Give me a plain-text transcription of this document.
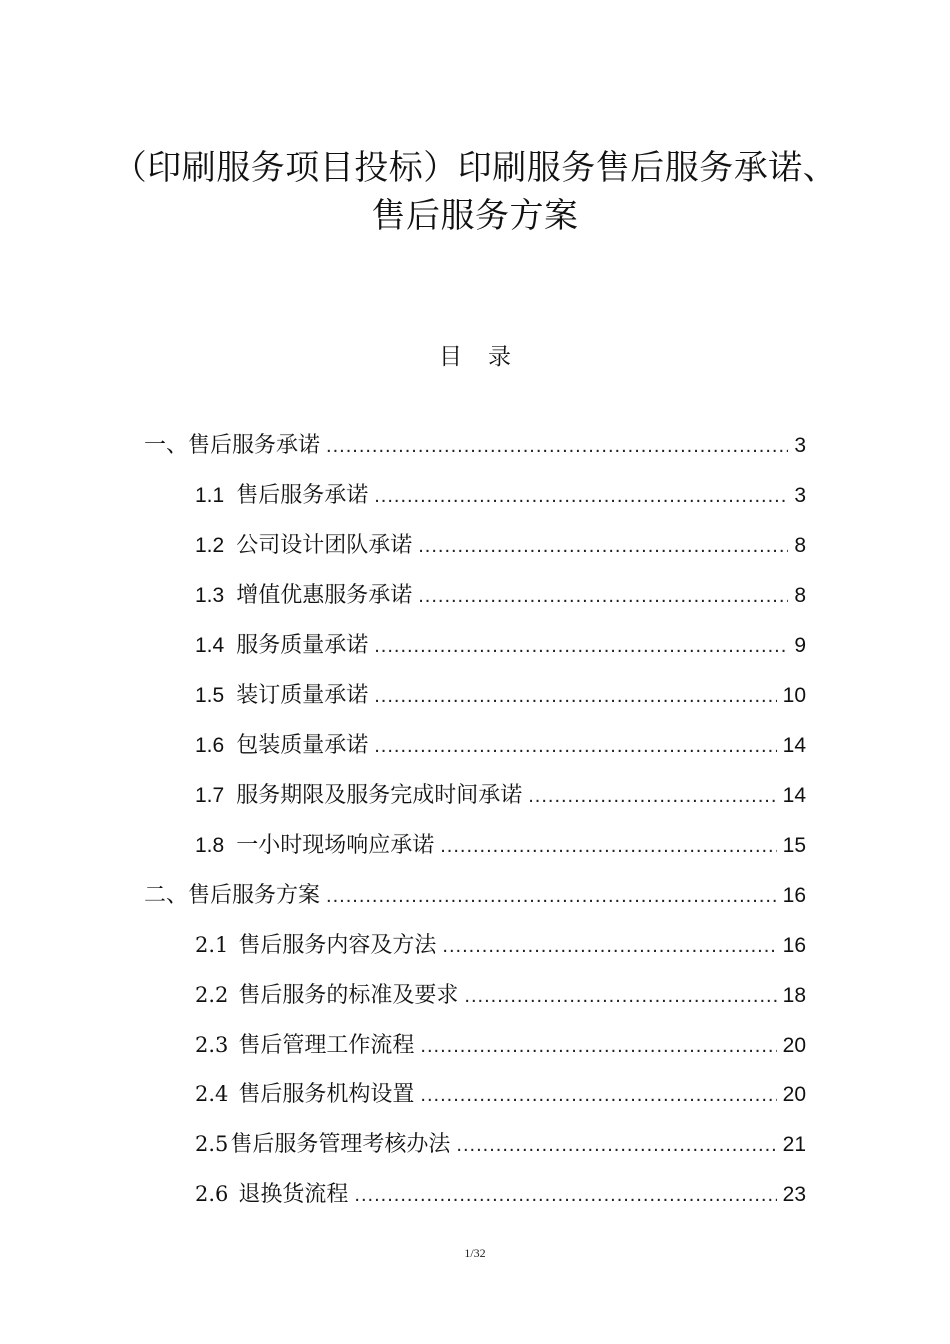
（印刷服务项目投标）印刷服务售后服务承诺、售后服务方案
目录
一、 售后服务承诺 .....	3
1.1 售后服务承诺 .....	3
1.2 公司设计团队承诺 .....	8
1.3 增值优惠服务承诺 .....	8
1.4 服务质量承诺 .....	9
1.5 装订质量承诺 .....	10
1.6 包装质量承诺 .....	14
1.7 服务期限及服务完成时间承诺 .....	14
1.8 一小时现场响应承诺 .....	15
二、 售后服务方案 .....	16
2.1 售后服务内容及方法 .....	16
2.2 售后服务的标准及要求 .....	18
2.3 售后管理工作流程 .....	20
2.4 售后服务机构设置 .....	20
2.5 售后服务管理考核办法 .....	21
2.6 退换货流程 .....	23
1/32
